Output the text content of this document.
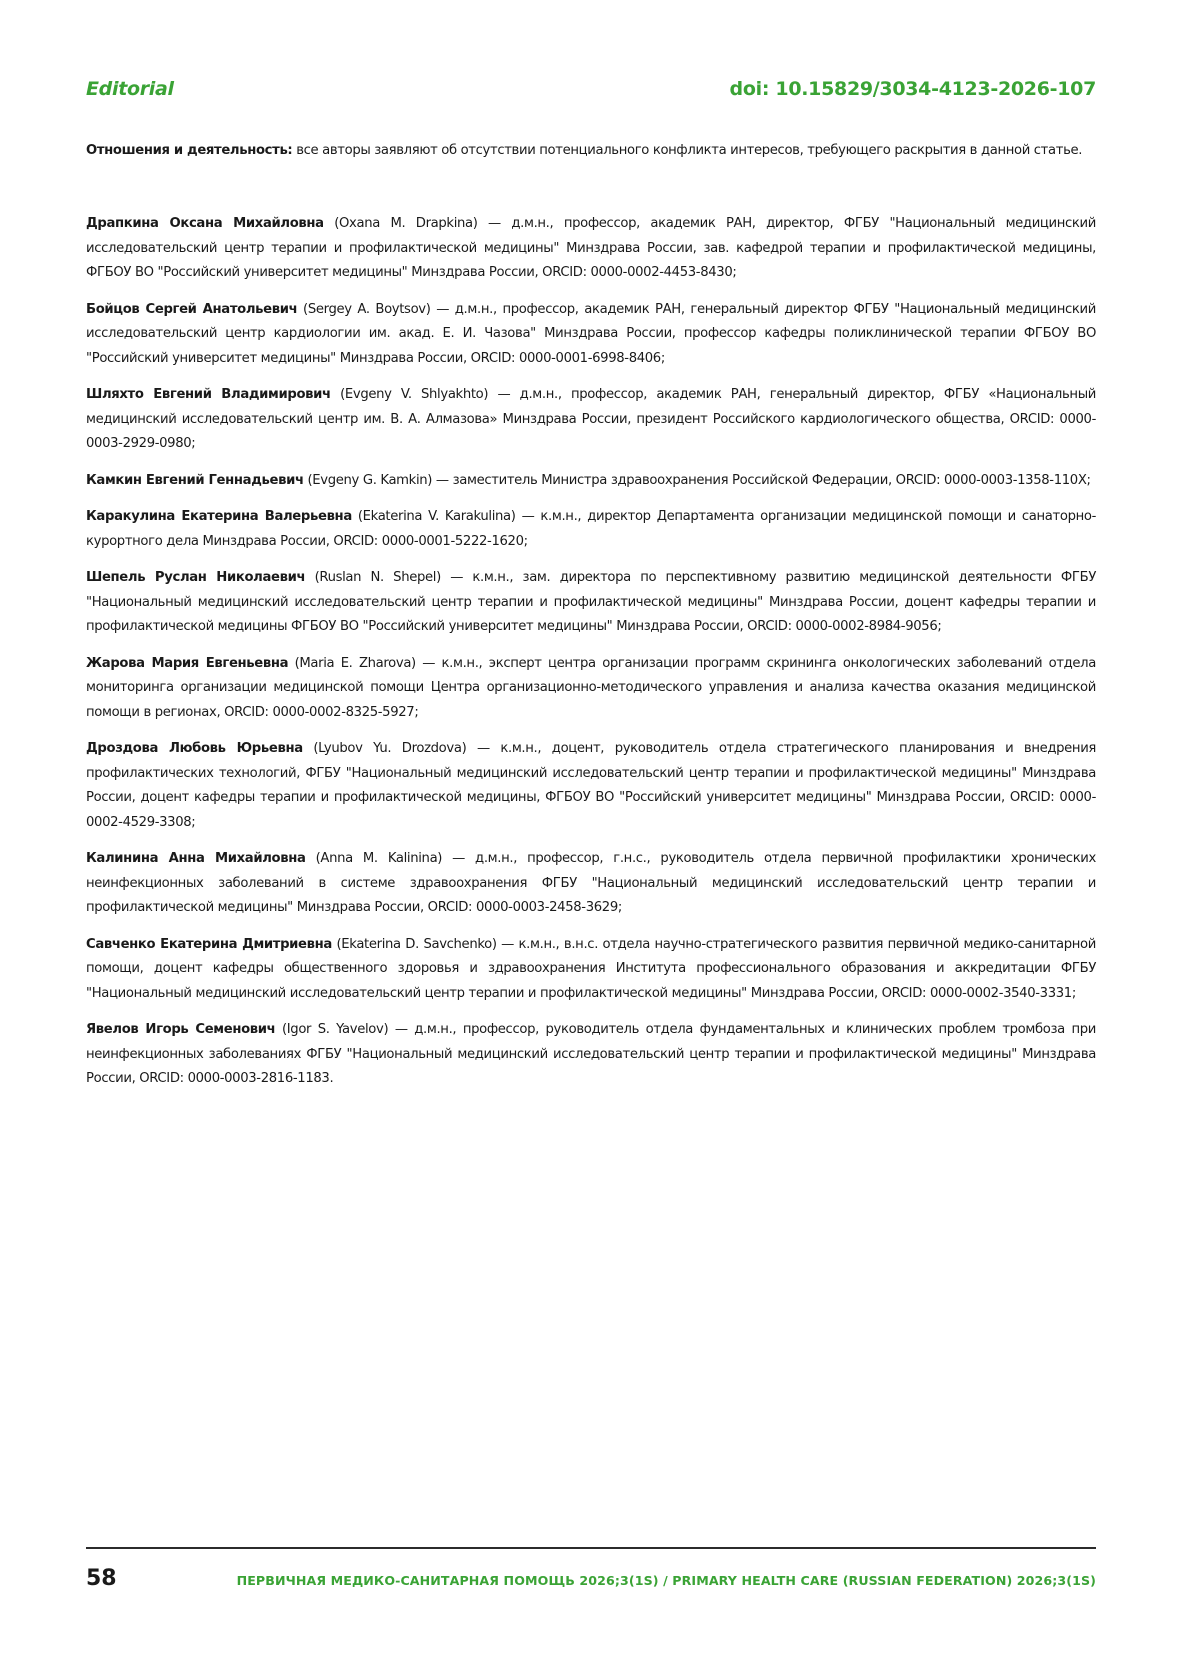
Editorial	doi: 10.15829/3034-4123-2026-107

Отношения и деятельность: все авторы заявляют об отсутствии потенциального конфликта интересов, требующего раскрытия в данной статье.

Драпкина Оксана Михайловна (Oxana M. Drapkina) — д.м.н., профессор, академик РАН, директор, ФГБУ "Национальный медицинский исследовательский центр терапии и профилактической медицины" Минздрава России, зав. кафедрой терапии и профилактической медицины, ФГБОУ ВО "Российский университет медицины" Минздрава России, ORCID: 0000-0002-4453-8430;

Бойцов Сергей Анатольевич (Sergey A. Boytsov) — д.м.н., профессор, академик РАН, генеральный директор ФГБУ "Национальный медицинский исследовательский центр кардиологии им. акад. Е. И. Чазова" Минздрава России, профессор кафедры поликлинической терапии ФГБОУ ВО "Российский университет медицины" Минздрава России, ORCID: 0000-0001-6998-8406;

Шляхто Евгений Владимирович (Evgeny V. Shlyakhto) — д.м.н., профессор, академик РАН, генеральный директор, ФГБУ «Национальный медицинский исследовательский центр им. В. А. Алмазова» Минздрава России, президент Российского кардиологического общества, ORCID: 0000-0003-2929-0980;

Камкин Евгений Геннадьевич (Evgeny G. Kamkin) — заместитель Министра здравоохранения Российской Федерации, ORCID: 0000-0003-1358-110X;

Каракулина Екатерина Валерьевна (Ekaterina V. Karakulina) — к.м.н., директор Департамента организации медицинской помощи и санаторно-курортного дела Минздрава России, ORCID: 0000-0001-5222-1620;

Шепель Руслан Николаевич (Ruslan N. Shepel) — к.м.н., зам. директора по перспективному развитию медицинской деятельности ФГБУ "Национальный медицинский исследовательский центр терапии и профилактической медицины" Минздрава России, доцент кафедры терапии и профилактической медицины ФГБОУ ВО "Российский университет медицины" Минздрава России, ORCID: 0000-0002-8984-9056;

Жарова Мария Евгеньевна (Maria E. Zharova) — к.м.н., эксперт центра организации программ скрининга онкологических заболеваний отдела мониторинга организации медицинской помощи Центра организационно-методического управления и анализа качества оказания медицинской помощи в регионах, ORCID: 0000-0002-8325-5927;

Дроздова Любовь Юрьевна (Lyubov Yu. Drozdova) — к.м.н., доцент, руководитель отдела стратегического планирования и внедрения профилактических технологий, ФГБУ "Национальный медицинский исследовательский центр терапии и профилактической медицины" Минздрава России, доцент кафедры терапии и профилактической медицины, ФГБОУ ВО "Российский университет медицины" Минздрава России, ORCID: 0000-0002-4529-3308;

Калинина Анна Михайловна (Anna M. Kalinina) — д.м.н., профессор, г.н.с., руководитель отдела первичной профилактики хронических неинфекционных заболеваний в системе здравоохранения ФГБУ "Национальный медицинский исследовательский центр терапии и профилактической медицины" Минздрава России, ORCID: 0000-0003-2458-3629;

Савченко Екатерина Дмитриевна (Ekaterina D. Savchenko) — к.м.н., в.н.с. отдела научно-стратегического развития первичной медико-санитарной помощи, доцент кафедры общественного здоровья и здравоохранения Института профессионального образования и аккредитации ФГБУ "Национальный медицинский исследовательский центр терапии и профилактической медицины" Минздрава России, ORCID: 0000-0002-3540-3331;

Явелов Игорь Семенович (Igor S. Yavelov) — д.м.н., профессор, руководитель отдела фундаментальных и клинических проблем тромбоза при неинфекционных заболеваниях ФГБУ "Национальный медицинский исследовательский центр терапии и профилактической медицины" Минздрава России, ORCID: 0000-0003-2816-1183.

58	ПЕРВИЧНАЯ МЕДИКО-САНИТАРНАЯ ПОМОЩЬ 2026;3(1S) / PRIMARY HEALTH CARE (RUSSIAN FEDERATION) 2026;3(1S)
